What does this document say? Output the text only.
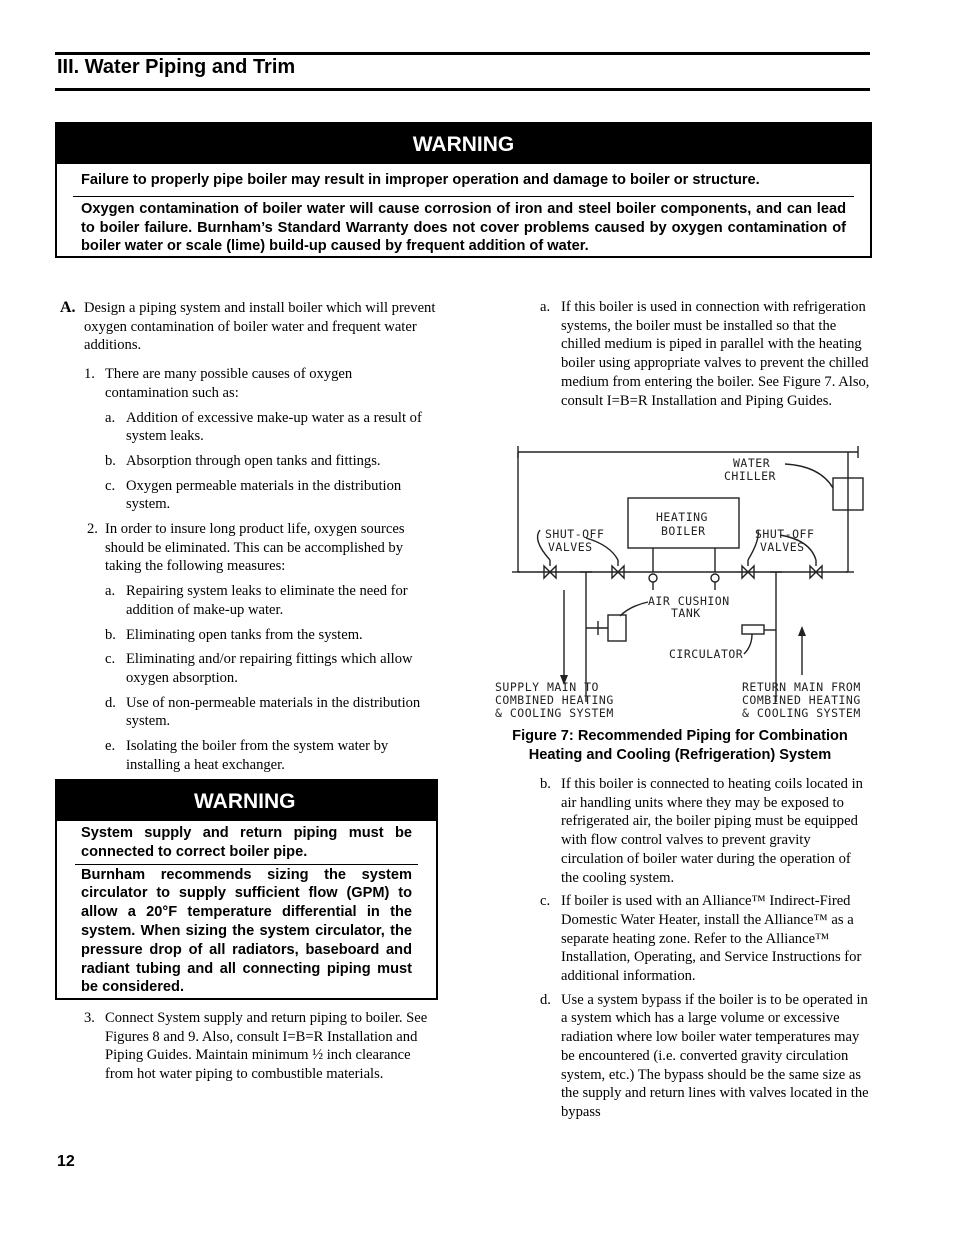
III. Water Piping and Trim
WARNING
Failure to properly pipe boiler may result in improper operation and damage to boiler or structure.
Oxygen contamination of boiler water will cause corrosion of iron and steel boiler components, and can lead to boiler failure. Burnham’s Standard Warranty does not cover problems caused by oxygen contamination of boiler water or scale (lime) build-up caused by frequent addition of water.
A. Design a piping system and install boiler which will prevent oxygen contamination of boiler water and frequent water additions.
1. There are many possible causes of oxygen contamination such as:
a. Addition of excessive make-up water as a result of system leaks.
b. Absorption through open tanks and fittings.
c. Oxygen permeable materials in the distribution system.
2. In order to insure long product life, oxygen sources should be eliminated. This can be accomplished by taking the following measures:
a. Repairing system leaks to eliminate the need for addition of make-up water.
b. Eliminating open tanks from the system.
c. Eliminating and/or repairing fittings which allow oxygen absorption.
d. Use of non-permeable materials in the distribution system.
e. Isolating the boiler from the system water by installing a heat exchanger.
WARNING
System supply and return piping must be connected to correct boiler pipe.
Burnham recommends sizing the system circulator to supply sufficient flow (GPM) to allow a 20°F temperature differential in the system. When sizing the system circulator, the pressure drop of all radiators, baseboard and radiant tubing and all connecting piping must be considered.
3. Connect System supply and return piping to boiler. See Figures 8 and 9. Also, consult I=B=R Installation and Piping Guides. Maintain minimum ½ inch clearance from hot water piping to combustible materials.
a. If this boiler is used in connection with refrigeration systems, the boiler must be installed so that the chilled medium is piped in parallel with the heating boiler using appropriate valves to prevent the chilled medium from entering the boiler. See Figure 7. Also, consult I=B=R Installation and Piping Guides.
WATER
CHILLER
HEATING
BOILER
SHUT-OFF
VALVES
SHUT-OFF
VALVES
AIR CUSHION
TANK
CIRCULATOR
SUPPLY MAIN TO
COMBINED HEATING
& COOLING SYSTEM
RETURN MAIN FROM
COMBINED HEATING
& COOLING SYSTEM
Figure 7: Recommended Piping for Combination Heating and Cooling (Refrigeration) System
b. If this boiler is connected to heating coils located in air handling units where they may be exposed to refrigerated air, the boiler piping must be equipped with flow control valves to prevent gravity circulation of boiler water during the operation of the cooling system.
c. If boiler is used with an Alliance™ Indirect-Fired Domestic Water Heater, install the Alliance™ as a separate heating zone. Refer to the Alliance™ Installation, Operating, and Service Instructions for additional information.
d. Use a system bypass if the boiler is to be operated in a system which has a large volume or excessive radiation where low boiler water temperatures may be encountered (i.e. converted gravity circulation system, etc.) The bypass should be the same size as the supply and return lines with valves located in the bypass
12
